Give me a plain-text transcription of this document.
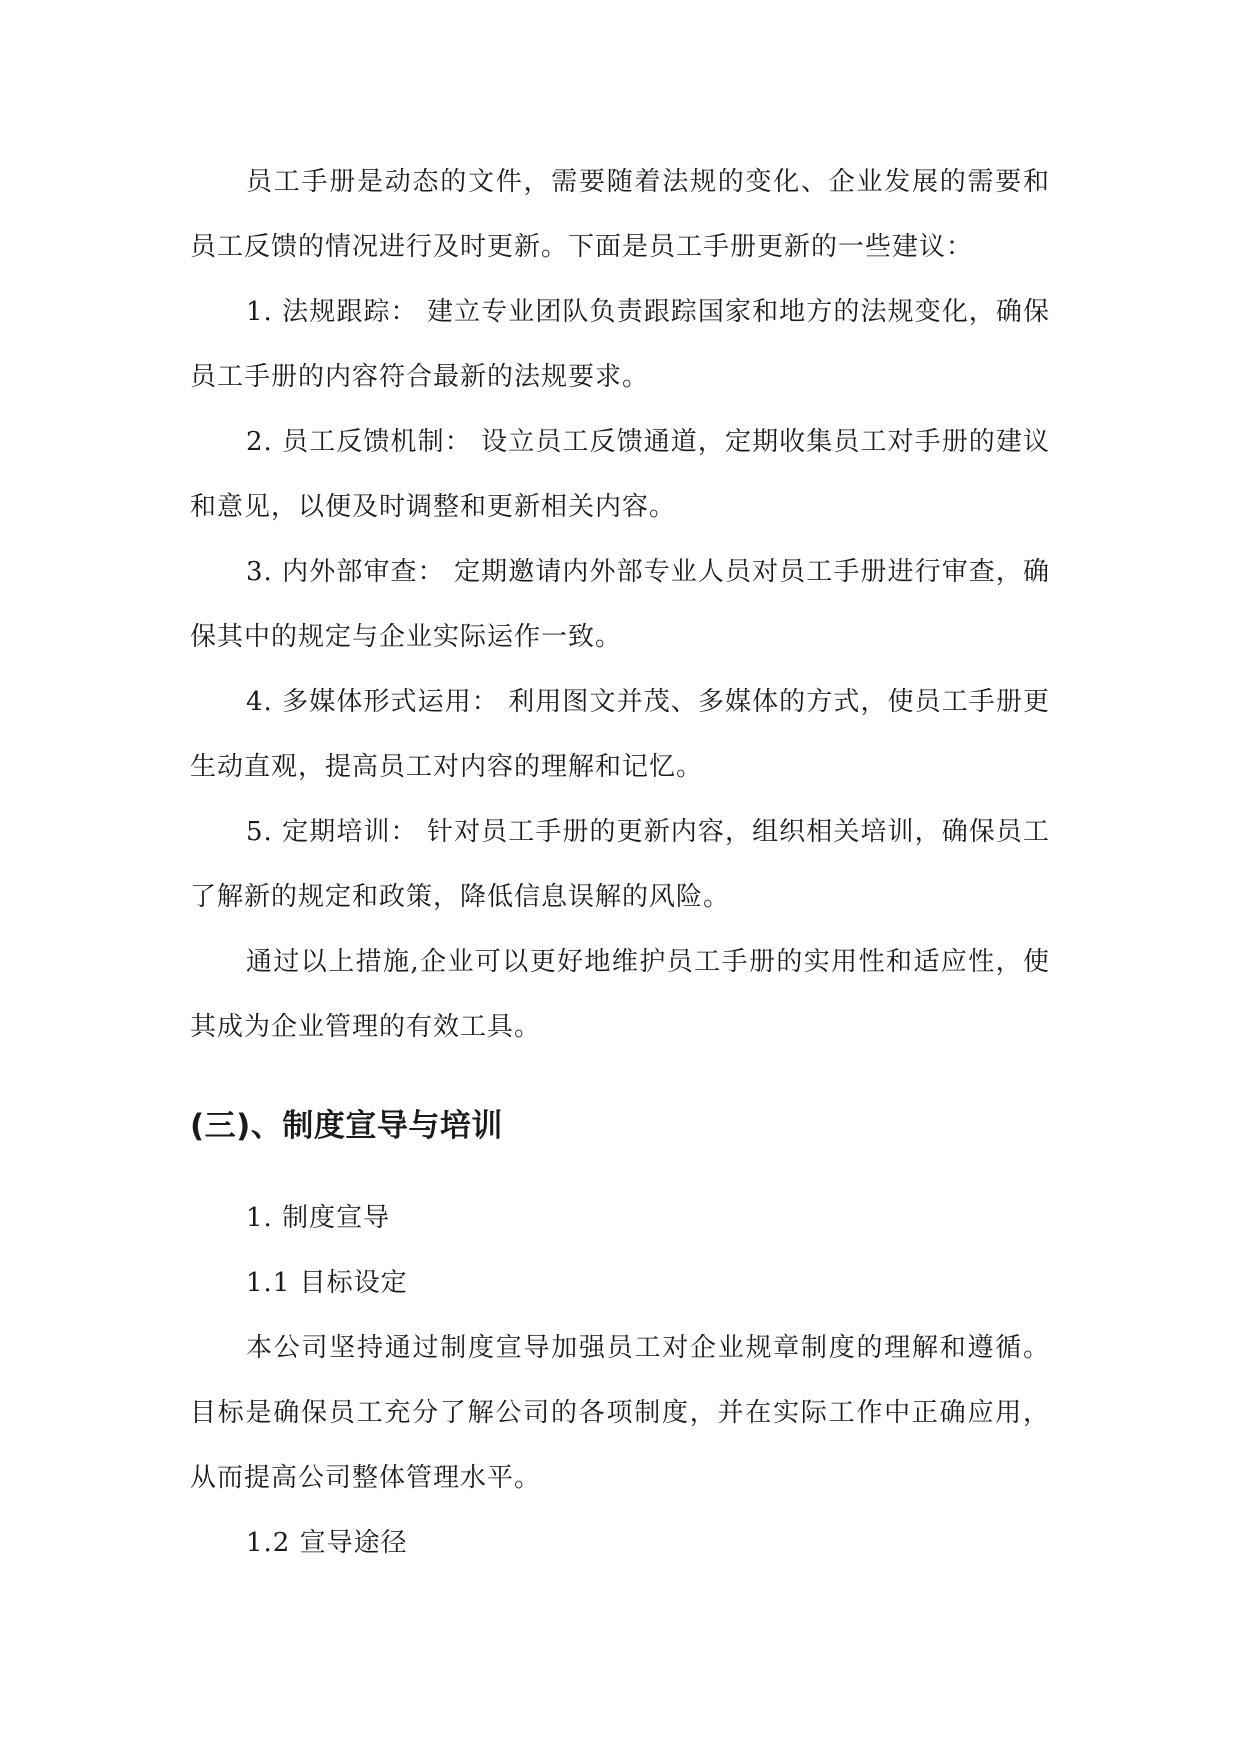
员工手册是动态的文件，需要随着法规的变化、企业发展的需要和员工反馈的情况进行及时更新。下面是员工手册更新的一些建议：

1. 法规跟踪： 建立专业团队负责跟踪国家和地方的法规变化，确保员工手册的内容符合最新的法规要求。

2. 员工反馈机制： 设立员工反馈通道，定期收集员工对手册的建议和意见，以便及时调整和更新相关内容。

3. 内外部审查： 定期邀请内外部专业人员对员工手册进行审查，确保其中的规定与企业实际运作一致。

4. 多媒体形式运用： 利用图文并茂、多媒体的方式，使员工手册更生动直观，提高员工对内容的理解和记忆。

5. 定期培训： 针对员工手册的更新内容，组织相关培训，确保员工了解新的规定和政策，降低信息误解的风险。

通过以上措施,企业可以更好地维护员工手册的实用性和适应性，使其成为企业管理的有效工具。

(三)、制度宣导与培训

1. 制度宣导

1.1 目标设定

本公司坚持通过制度宣导加强员工对企业规章制度的理解和遵循。目标是确保员工充分了解公司的各项制度，并在实际工作中正确应用，从而提高公司整体管理水平。

1.2 宣导途径
